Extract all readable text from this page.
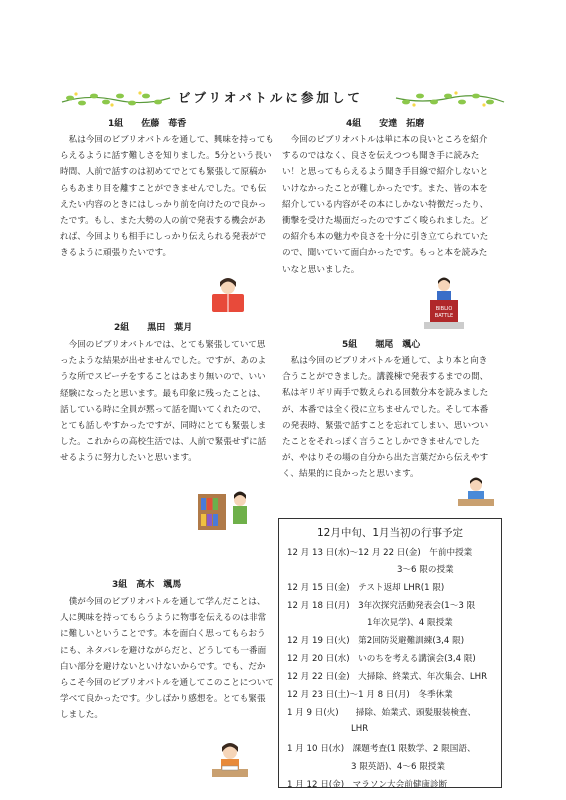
ビブリオバトルに参加して
1組　　佐藤　苺香

私は今回のビブリオバトルを通して、興味を持ってもらえるように話す難しさを知りました。5分という長い時間、人前で話すのは初めてでとても緊張して原稿からもあまり目を離すことができませんでした。でも伝えたい内容のときにはしっかり前を向けたので良かったです。もし、また大勢の人の前で発表する機会があれば、今回よりも相手にしっかり伝えられる発表ができるように頑張りたいです。

2組　　黒田　葉月

今回のビブリオバトルでは、とても緊張していて思ったような結果が出せませんでした。ですが、あのような所でスピーチをすることはあまり無いので、いい経験になったと思います。最も印象に残ったことは、話している時に全員が黙って話を聞いてくれたので、とても話しやすかったですが、同時にとても緊張しました。これからの高校生活では、人前で緊張せずに話せるように努力したいと思います。

3組　高木　颯馬

僕が今回のビブリオバトルを通して学んだことは、人に興味を持ってもらうように物事を伝えるのは非常に難しいということです。本を面白く思ってもらおうにも、ネタバレを避けながらだと、どうしても一番面白い部分を避けないといけないからです。でも、だからこそ今回のビブリオバトルを通してこのことについて学べて良かったです。少しばかり感想を。とても緊張しました。

4組　　安達　拓磨

今回のビブリオバトルは単に本の良いところを紹介するのではなく、良さを伝えつつも聞き手に読みたい！と思ってもらえるよう聞き手目線で紹介しないといけなかったことが難しかったです。また、皆の本を紹介している内容がその本にしかない特徴だったり、衝撃を受けた場面だったのですごく唆られました。どの紹介も本の魅力や良さを十分に引き立てられていたので、聞いていて面白かったです。もっと本を読みたいなと思いました。

BIBLIO
BATTLE
5組　　堀尾　颯心

私は今回のビブリオバトルを通して、より本と向き合うことができました。講義棟で発表するまでの間、私はギリギリ両手で数えられる回数分本を読みましたが、本番では全く役に立ちませんでした。そして本番の発表時、緊張で話すことを忘れてしまい、思いついたことをそれっぽく言うことしかできませんでしたが、やはりその場の自分から出た言葉だから伝えやすく、結果的に良かったと思います。

12月中旬、1月当初の行事予定
12 月 13 日(水)〜12 月 22 日(金)　午前中授業
3〜6 限の授業
12 月 15 日(金)　テスト返却 LHR(1 限)
12 月 18 日(月)　3年次探究活動発表会(1〜3 限
1年次見学)、4 限授業
12 月 19 日(火)　第2回防災避難訓練(3,4 限)
12 月 20 日(水)　いのちを考える講演会(3,4 限)
12 月 22 日(金)　大掃除、終業式、年次集会、LHR
12 月 23 日(土)〜1 月 8 日(月)　冬季休業
1 月 9 日(火)　　掃除、始業式、頭髪服装検査、
LHR
1 月 10 日(水)　課題考査(1 限数学、2 限国語、
3 限英語)、4〜6 限授業
1 月 12 日(金)　マラソン大会前健康診断
